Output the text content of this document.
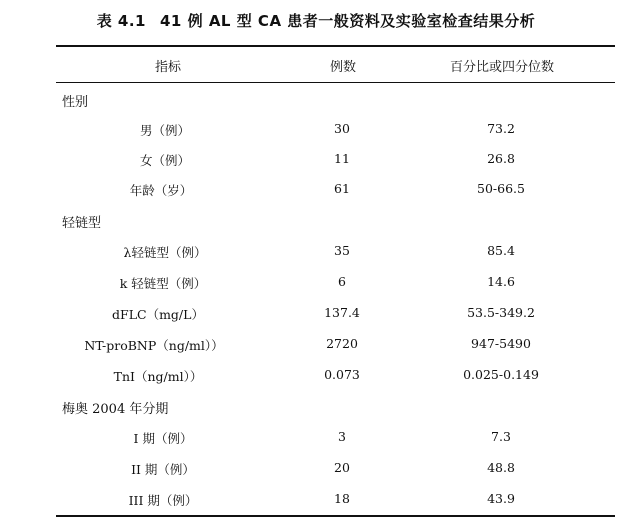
表 4.1 41 例 AL 型 CA 患者一般资料及实验室检查结果分析
指标	例数	百分比或四分位数
性别
男（例）	30	73.2
女（例）	11	26.8
年龄（岁）	61	50-66.5
轻链型
λ轻链型（例）	35	85.4
k 轻链型（例）	6	14.6
dFLC（mg/L）	137.4	53.5-349.2
NT-proBNP（ng/ml））	2720	947-5490
TnI（ng/ml））	0.073	0.025-0.149
梅奥 2004 年分期
I 期（例）	3	7.3
II 期（例）	20	48.8
III 期（例）	18	43.9
